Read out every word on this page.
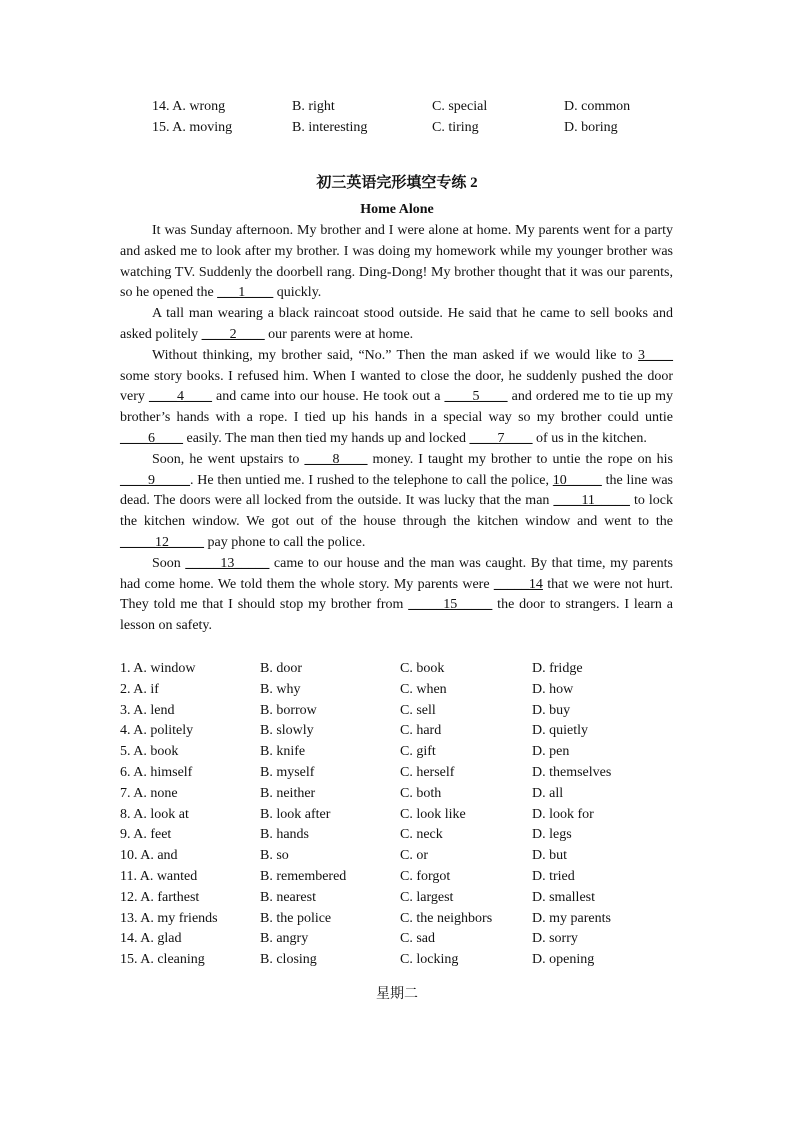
14. A. wrong	B. right	C. special	D. common
15. A. moving	B. interesting	C. tiring	D. boring
初三英语完形填空专练 2
Home Alone

It was Sunday afternoon. My brother and I were alone at home. My parents went for a party and asked me to look after my brother. I was doing my homework while my younger brother was watching TV. Suddenly the doorbell rang. Ding-Dong! My brother thought that it was our parents, so he opened the ___1____ quickly.

A tall man wearing a black raincoat stood outside. He said that he came to sell books and asked politely ____2____ our parents were at home.

Without thinking, my brother said, “No.” Then the man asked if we would like to 3____ some story books. I refused him. When I wanted to close the door, he suddenly pushed the door very ____4____ and came into our house. He took out a ____5____ and ordered me to tie up my brother’s hands with a rope. I tied up his hands in a special way so my brother could untie ____6____ easily. The man then tied my hands up and locked ____7____ of us in the kitchen.

Soon, he went upstairs to ____8____ money. I taught my brother to untie the rope on his ____9_____. He then untied me. I rushed to the telephone to call the police, 10_____ the line was dead. The doors were all locked from the outside. It was lucky that the man ____11_____ to lock the kitchen window. We got out of the house through the kitchen window and went to the _____12_____ pay phone to call the police.

Soon _____13_____ came to our house and the man was caught. By that time, my parents had come home. We told them the whole story. My parents were _____14 that we were not hurt. They told me that I should stop my brother from _____15_____ the door to strangers. I learn a lesson on safety.

1. A. window	B. door	C. book	D. fridge
2. A. if	B. why	C. when	D. how
3. A. lend	B. borrow	C. sell	D. buy
4. A. politely	B. slowly	C. hard	D. quietly
5. A. book	B. knife	C. gift	D. pen
6. A. himself	B. myself	C. herself	D. themselves
7. A. none	B. neither	C. both	D. all
8. A. look at	B. look after	C. look like	D. look for
9. A. feet	B. hands	C. neck	D. legs
10. A. and	B. so	C. or	D. but
11. A. wanted	B. remembered	C. forgot	D. tried
12. A. farthest	B. nearest	C. largest	D. smallest
13. A. my friends	B. the police	C. the neighbors	D. my parents
14. A. glad	B. angry	C. sad	D. sorry
15. A. cleaning	B. closing	C. locking	D. opening
星期二
